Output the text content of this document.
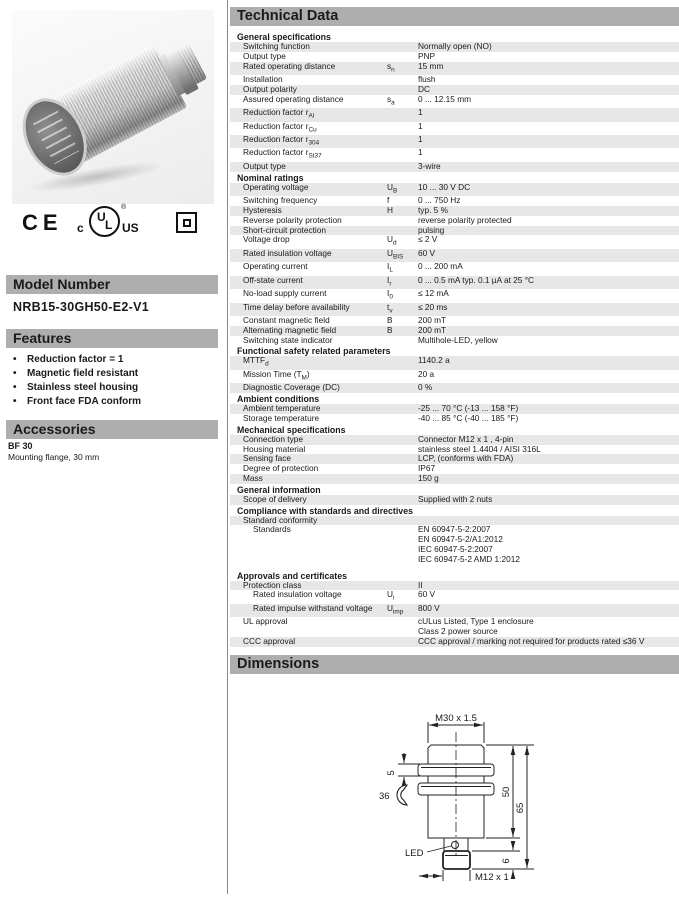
CE	U
L
c	US
®
Model Number
NRB15-30GH50-E2-V1
Features
•	Reduction factor = 1
•	Magnetic field resistant
•	Stainless steel housing
•	Front face FDA conform
Accessories
BF 30
Mounting flange, 30 mm
Technical Data
General specifications
Switching function	Normally open (NO)
Output type	PNP
Rated operating distance	$s_n$	15 mm
Installation	flush
Output polarity	DC
Assured operating distance	$s_a$	0 ... 12.15 mm
Reduction factor $r_{Al}$	1
Reduction factor $r_{Cu}$	1
Reduction factor $r_{304}$	1
Reduction factor $r_{St37}$	1
Output type	3-wire
Nominal ratings
Operating voltage	$U_B$	10 ... 30 V DC
Switching frequency	f	0 ... 750 Hz
Hysteresis	H	typ. 5 %
Reverse polarity protection	reverse polarity protected
Short-circuit protection	pulsing
Voltage drop	$U_d$	≤ 2 V
Rated insulation voltage	$U_{BIS}$	60 V
Operating current	$I_L$	0 ... 200 mA
Off-state current	$I_r$	0 ... 0.5 mA typ. 0.1 µA at 25 °C
No-load supply current	$I_0$	≤ 12 mA
Time delay before availability	$t_v$	≤ 20 ms
Constant magnetic field	B	200 mT
Alternating magnetic field	B	200 mT
Switching state indicator	Multihole-LED, yellow
Functional safety related parameters
$MTTF_d$	1140.2 a
Mission Time $(T_M)$	20 a
Diagnostic Coverage (DC)	0 %
Ambient conditions
Ambient temperature	-25 ... 70 °C (-13 ... 158 °F)
Storage temperature	-40 ... 85 °C (-40 ... 185 °F)
Mechanical specifications
Connection type	Connector M12 x 1 , 4-pin
Housing material	stainless steel 1.4404 / AISI 316L
Sensing face	LCP, (conforms with FDA)
Degree of protection	IP67
Mass	150 g
General information
Scope of delivery	Supplied with 2 nuts
Compliance with standards and directives
Standard conformity
Standards	EN 60947-5-2:2007
EN 60947-5-2/A1:2012
IEC 60947-5-2:2007
IEC 60947-5-2 AMD 1:2012
Approvals and certificates
Protection class	II
Rated insulation voltage	$U_i$	60 V
Rated impulse withstand voltage	$U_{imp}$	800 V
UL approval	cULus Listed, Type 1 enclosure
Class 2 power source
CCC approval	CCC approval / marking not required for products rated ≤36 V
Dimensions
M30 x 1.5
5
36	50
65
LED
6
M12 x 1
